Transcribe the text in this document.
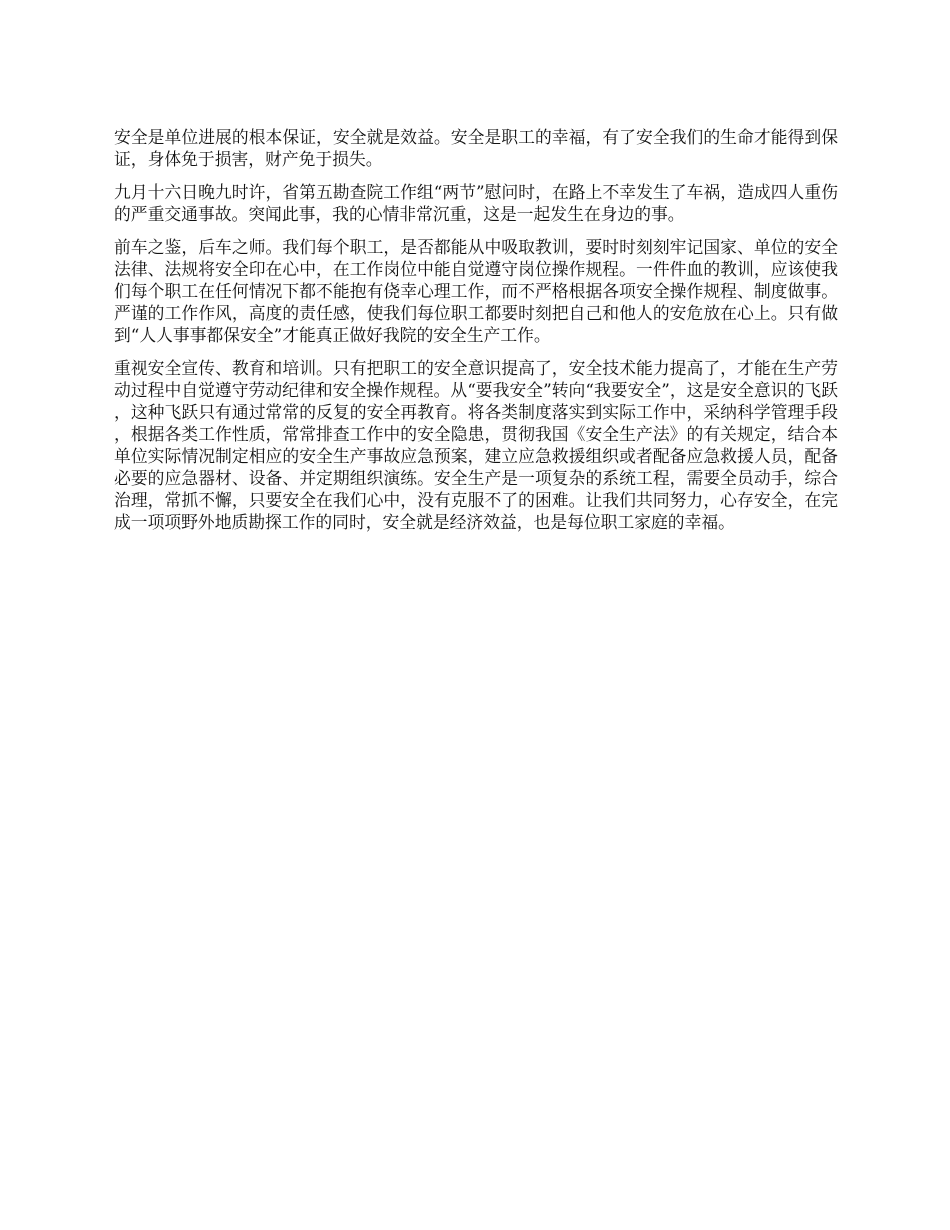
安全是单位进展的根本保证，安全就是效益。安全是职工的幸福，有了安全我们的生命才能得到保证，身体免于损害，财产免于损失。

九月十六日晚九时许，省第五勘查院工作组“两节”慰问时，在路上不幸发生了车祸，造成四人重伤的严重交通事故。突闻此事，我的心情非常沉重，这是一起发生在身边的事。

前车之鉴，后车之师。我们每个职工，是否都能从中吸取教训，要时时刻刻牢记国家、单位的安全法律、法规将安全印在心中，在工作岗位中能自觉遵守岗位操作规程。一件件血的教训，应该使我们每个职工在任何情况下都不能抱有侥幸心理工作，而不严格根据各项安全操作规程、制度做事。严谨的工作作风，高度的责任感，使我们每位职工都要时刻把自己和他人的安危放在心上。只有做到“人人事事都保安全”才能真正做好我院的安全生产工作。

重视安全宣传、教育和培训。只有把职工的安全意识提高了，安全技术能力提高了，才能在生产劳动过程中自觉遵守劳动纪律和安全操作规程。从“要我安全”转向“我要安全”，这是安全意识的飞跃，这种飞跃只有通过常常的反复的安全再教育。将各类制度落实到实际工作中，采纳科学管理手段，根据各类工作性质，常常排查工作中的安全隐患，贯彻我国《安全生产法》的有关规定，结合本单位实际情况制定相应的安全生产事故应急预案，建立应急救援组织或者配备应急救援人员，配备必要的应急器材、设备、并定期组织演练。安全生产是一项复杂的系统工程，需要全员动手，综合治理，常抓不懈，只要安全在我们心中，没有克服不了的困难。让我们共同努力，心存安全，在完成一项项野外地质勘探工作的同时，安全就是经济效益，也是每位职工家庭的幸福。
